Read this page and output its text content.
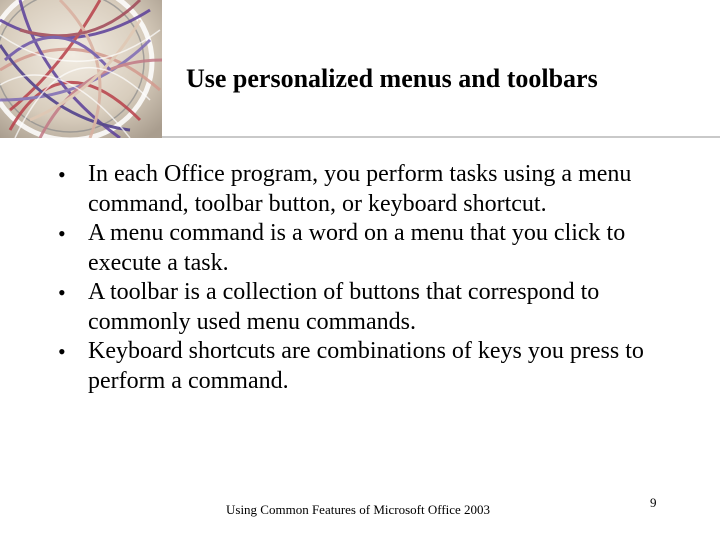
Use personalized menus and toolbars
• In each Office program, you perform tasks using a menu command, toolbar button, or keyboard shortcut.
• A menu command is a word on a menu that you click to execute a task.
• A toolbar is a collection of buttons that correspond to commonly used menu commands.
• Keyboard shortcuts are combinations of keys you press to perform a command.
Using Common Features of Microsoft Office 2003	9
